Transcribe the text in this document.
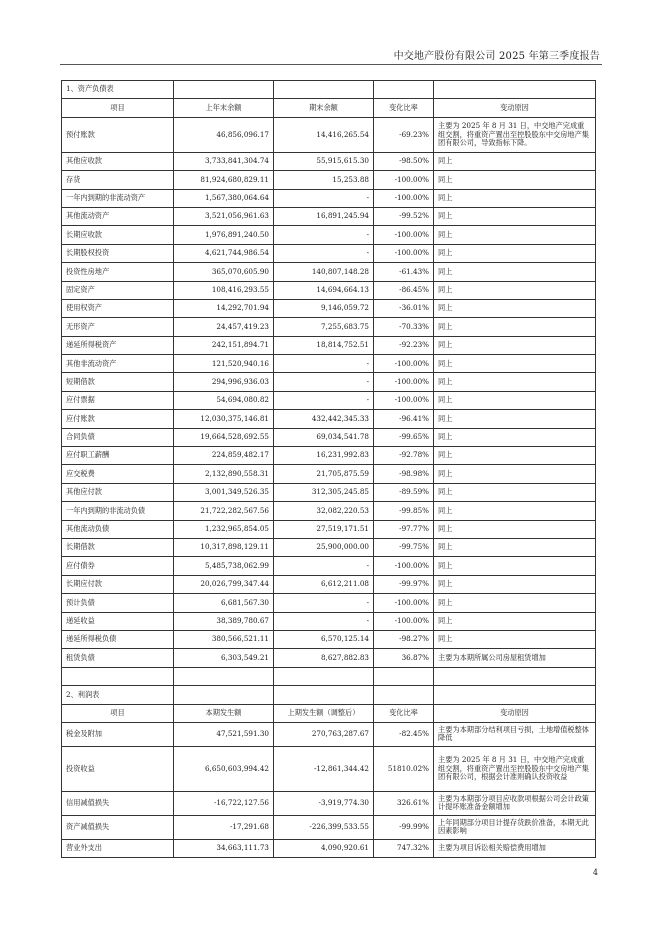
中交地产股份有限公司 2025 年第三季度报告
1、资产负债表				
项目	上年末余额	期末余额	变化比率	变动原因
预付账款	46,856,096.17	14,416,265.54	-69.23%	主要为 2025 年 8 月 31 日，中交地产完成重组交割，将重资产置出至控股股东中交房地产集团有限公司，导致指标下降。
其他应收款	3,733,841,304.74	55,915,615.30	-98.50%	同上
存货	81,924,680,829.11	15,253.88	-100.00%	同上
一年内到期的非流动资产	1,567,380,064.64	-	-100.00%	同上
其他流动资产	3,521,056,961.63	16,891,245.94	-99.52%	同上
长期应收款	1,976,891,240.50	-	-100.00%	同上
长期股权投资	4,621,744,986.54	-	-100.00%	同上
投资性房地产	365,070,605.90	140,807,148.28	-61.43%	同上
固定资产	108,416,293.55	14,694,664.13	-86.45%	同上
使用权资产	14,292,701.94	9,146,059.72	-36.01%	同上
无形资产	24,457,419.23	7,255,683.75	-70.33%	同上
递延所得税资产	242,151,894.71	18,814,752.51	-92.23%	同上
其他非流动资产	121,520,940.16	-	-100.00%	同上
短期借款	294,996,936.03	-	-100.00%	同上
应付票据	54,694,080.82	-	-100.00%	同上
应付账款	12,030,375,146.81	432,442,345.33	-96.41%	同上
合同负债	19,664,528,692.55	69,034,541.78	-99.65%	同上
应付职工薪酬	224,859,482.17	16,231,992.83	-92.78%	同上
应交税费	2,132,890,558.31	21,705,875.59	-98.98%	同上
其他应付款	3,001,349,526.35	312,305,245.85	-89.59%	同上
一年内到期的非流动负债	21,722,282,567.56	32,082,220.53	-99.85%	同上
其他流动负债	1,232,965,854.05	27,519,171.51	-97.77%	同上
长期借款	10,317,898,129.11	25,900,000.00	-99.75%	同上
应付债券	5,485,738,062.99	-	-100.00%	同上
长期应付款	20,026,799,347.44	6,612,211.08	-99.97%	同上
预计负债	6,681,567.30	-	-100.00%	同上
递延收益	38,389,780.67	-	-100.00%	同上
递延所得税负债	380,566,521.11	6,570,125.14	-98.27%	同上
租赁负债	6,303,549.21	8,627,882.83	36.87%	主要为本期所属公司房屋租赁增加

2、利润表				
项目	本期发生额	上期发生额（调整后）	变化比率	变动原因
税金及附加	47,521,591.30	270,763,287.67	-82.45%	主要为本期部分结利项目亏损，土地增值税整体降低
投资收益	6,650,603,994.42	-12,861,344.42	51810.02%	主要为 2025 年 8 月 31 日，中交地产完成重组交割，将重资产置出至控股股东中交房地产集团有限公司，根据会计准则确认投资收益
信用减值损失	-16,722,127.56	-3,919,774.30	326.61%	主要为本期部分项目应收款项根据公司会计政策计提坏账准备金额增加
资产减值损失	-17,291.68	-226,399,533.55	-99.99%	上年同期部分项目计提存货跌价准备，本期无此因素影响
营业外支出	34,663,111.73	4,090,920.61	747.32%	主要为项目诉讼相关赔偿费用增加
4
